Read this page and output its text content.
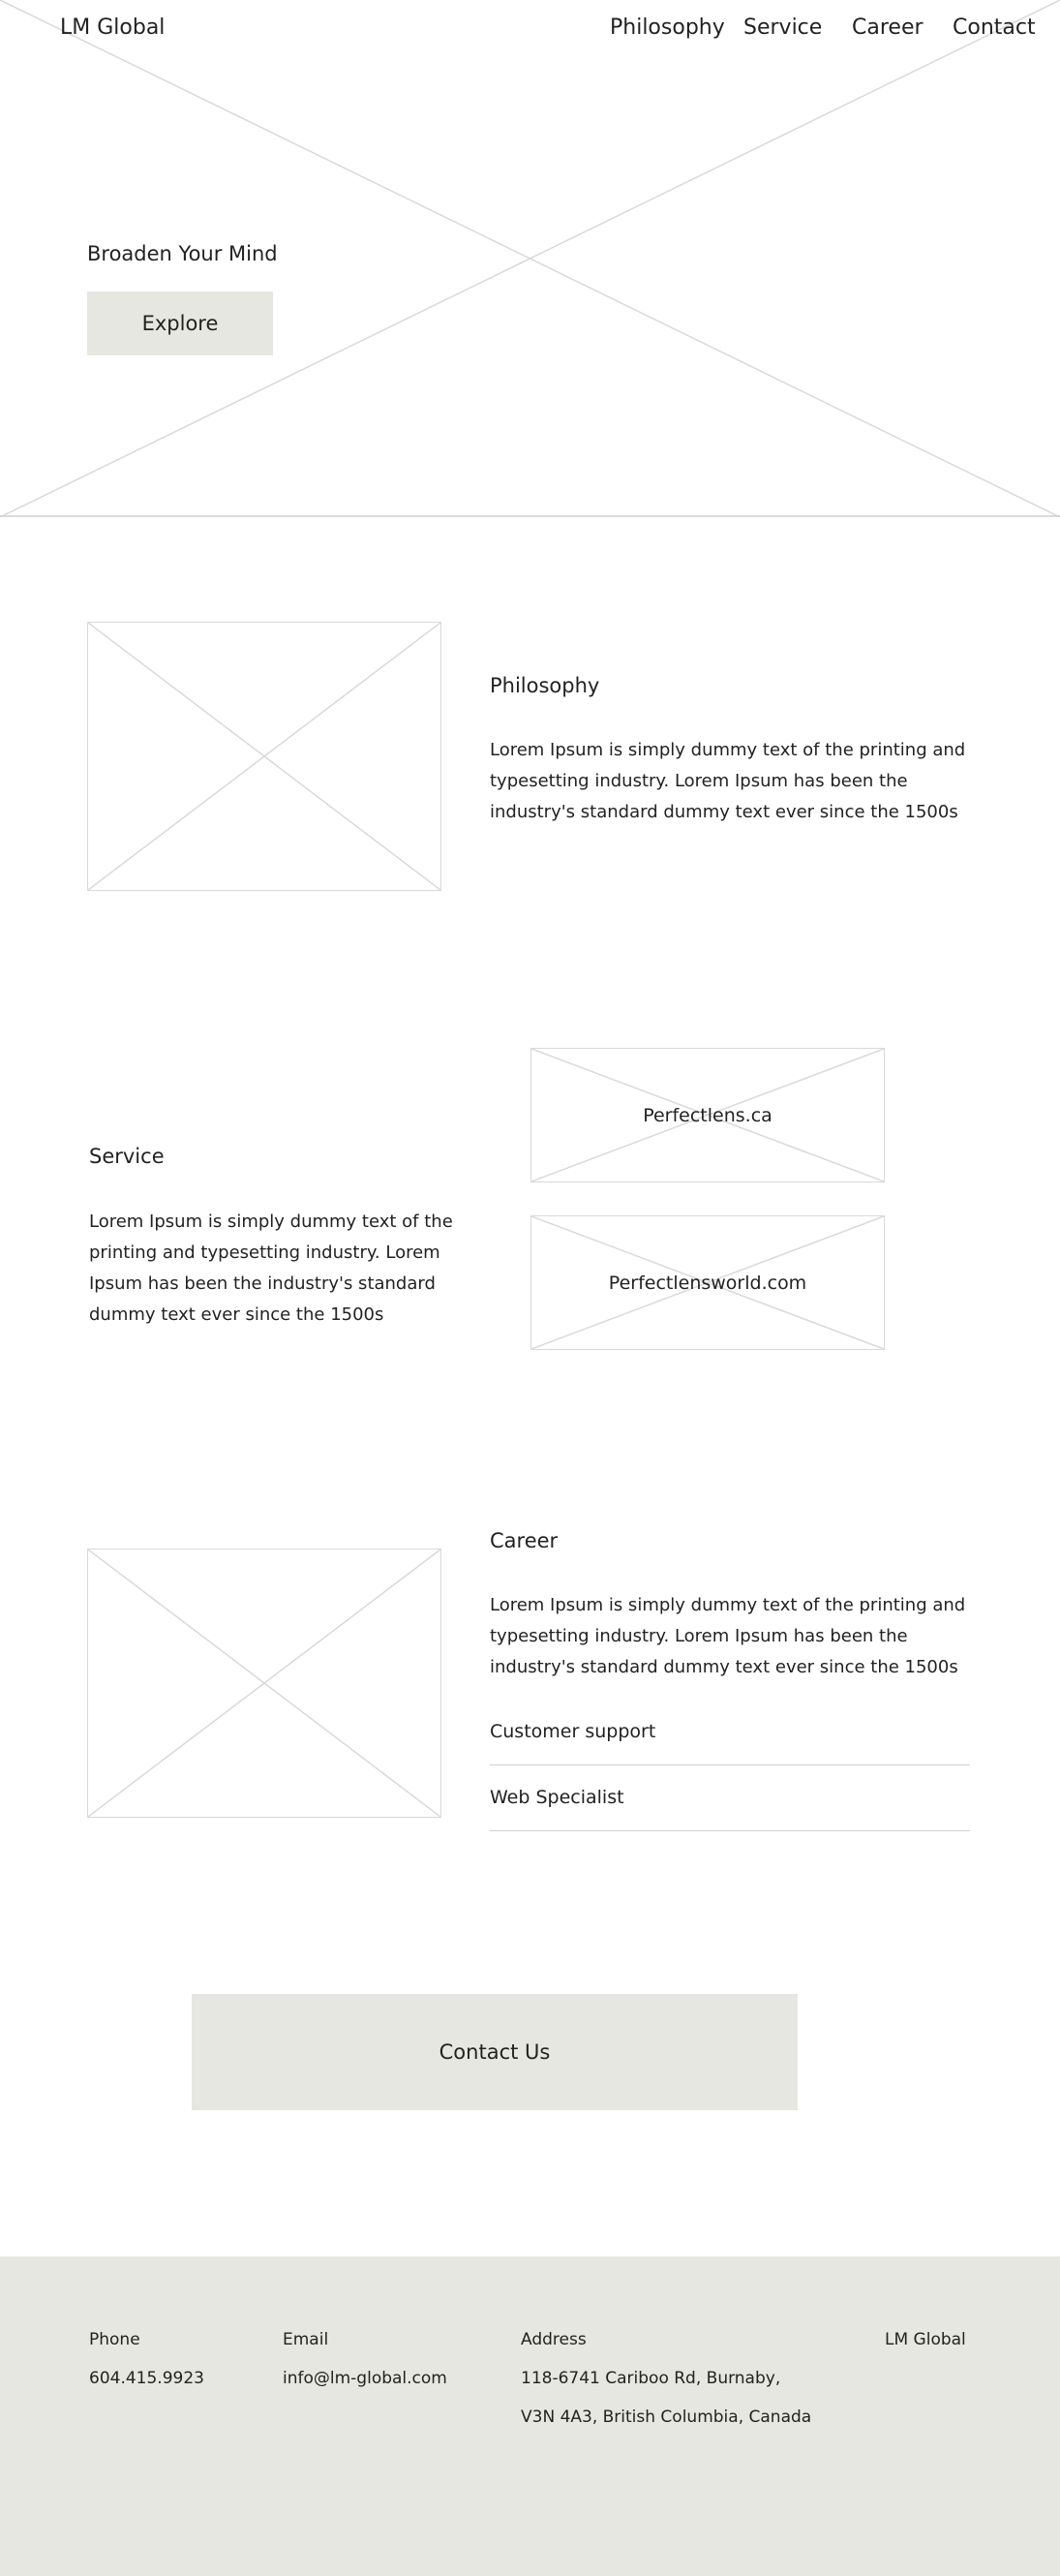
LM Global	Philosophy Service Career Contact
Broaden Your Mind
Explore
Philosophy
Lorem Ipsum is simply dummy text of the printing and typesetting industry. Lorem Ipsum has been the industry's standard dummy text ever since the 1500s
Service
Lorem Ipsum is simply dummy text of the printing and typesetting industry. Lorem Ipsum has been the industry's standard dummy text ever since the 1500s
Perfectlens.ca
Perfectlensworld.com
Career
Lorem Ipsum is simply dummy text of the printing and typesetting industry. Lorem Ipsum has been the industry's standard dummy text ever since the 1500s
Customer support
Web Specialist
Contact Us
Phone
604.415.9923
Email
info@lm-global.com
Address
118-6741 Cariboo Rd, Burnaby,
V3N 4A3, British Columbia, Canada
LM Global
